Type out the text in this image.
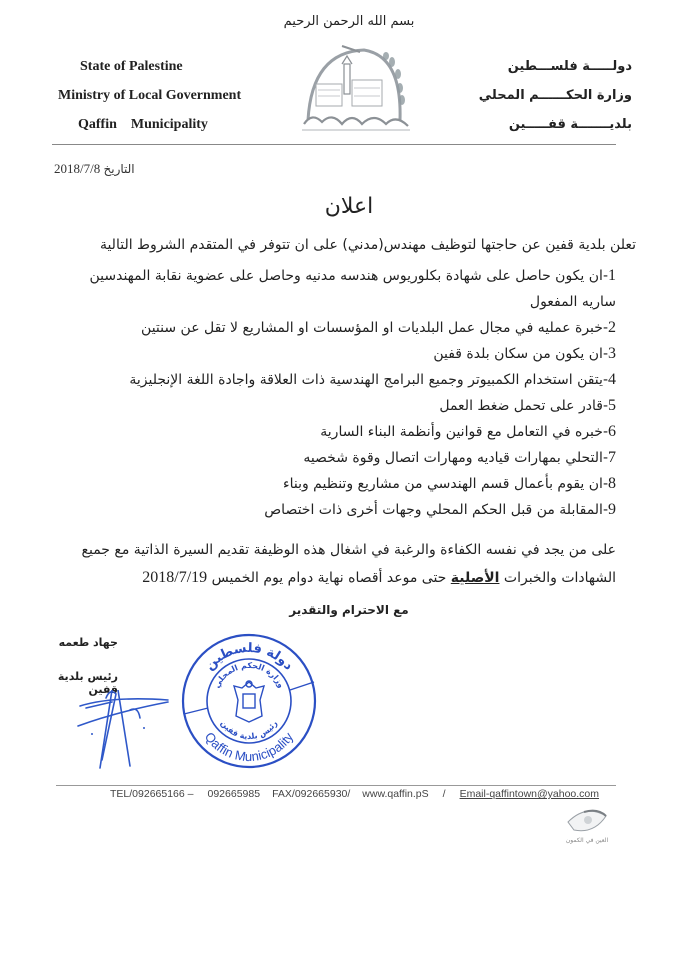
بسم الله الرحمن الرحيم
State of Palestine
Ministry of Local Government
Qaffin    Municipality
دولـــــة فلســـطين
وزارة الحكــــــم المحلي
بلديـــــــة قفـــــين
التاريخ 2018/7/8
اعلان
تعلن بلدية قفين عن حاجتها لتوظيف مهندس(مدني) على ان تتوفر في المتقدم الشروط التالية
1-ان يكون حاصل على شهادة بكلوريوس هندسه مدنيه وحاصل على عضوية نقابة المهندسين ساريه المفعول
2-خبرة عمليه في مجال عمل البلديات او المؤسسات او المشاريع لا تقل عن سنتين
3-ان يكون من سكان بلدة قفين
4-يتقن استخدام الكمبيوتر وجميع البرامج الهندسية ذات العلاقة واجادة اللغة الإنجليزية
5-قادر على تحمل ضغط العمل
6-خبره في التعامل مع قوانين وأنظمة البناء السارية
7-التحلي بمهارات قياديه ومهارات اتصال وقوة شخصيه
8-ان يقوم بأعمال قسم الهندسي من مشاريع وتنظيم وبناء
9-المقابلة من قبل الحكم المحلي وجهات أخرى ذات اختصاص
على من يجد في نفسه الكفاءة والرغبة في اشغال هذه الوظيفة تقديم السيرة الذاتية مع جميع الشهادات والخبرات الأصلية حتى موعد أقصاه نهاية دوام يوم الخميس 2018/7/19
مع الاحترام والتقدير
جهاد طعمه
رئيس بلدية قفين
دولة فلسطين
Qaffin Municipality
وزارة الحكم المحلي
رئيس بلدية قفين
TEL/092665166 – 092665985 FAX/092665930/ www.qaffin.pS / Email-qaffintown@yahoo.com
العين في الكمون
